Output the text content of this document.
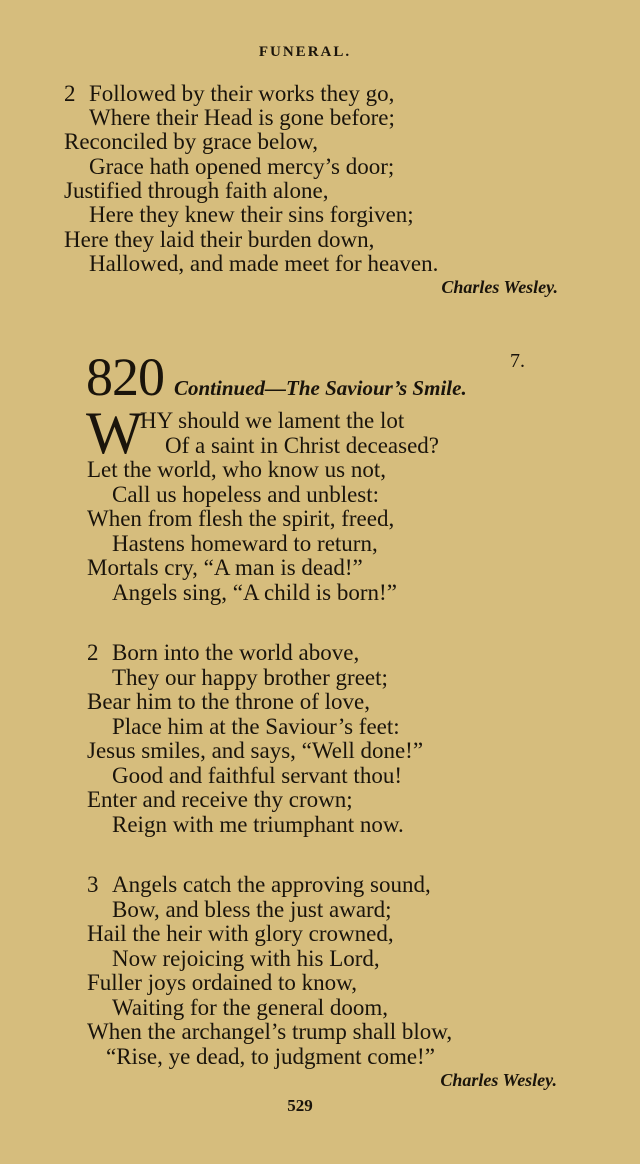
FUNERAL.
2 Followed by their works they go,
Where their Head is gone before;
Reconciled by grace below,
Grace hath opened mercy’s door;
Justified through faith alone,
Here they knew their sins forgiven;
Here they laid their burden down,
Hallowed, and made meet for heaven.
Charles Wesley.
820	7.
Continued—The Saviour’s Smile.
W
HY should we lament the lot
Of a saint in Christ deceased?
Let the world, who know us not,
Call us hopeless and unblest:
When from flesh the spirit, freed,
Hastens homeward to return,
Mortals cry, “A man is dead!”
Angels sing, “A child is born!”
2 Born into the world above,
They our happy brother greet;
Bear him to the throne of love,
Place him at the Saviour’s feet:
Jesus smiles, and says, “Well done!”
Good and faithful servant thou!
Enter and receive thy crown;
Reign with me triumphant now.
3 Angels catch the approving sound,
Bow, and bless the just award;
Hail the heir with glory crowned,
Now rejoicing with his Lord,
Fuller joys ordained to know,
Waiting for the general doom,
When the archangel’s trump shall blow,
“Rise, ye dead, to judgment come!”
Charles Wesley.
529
